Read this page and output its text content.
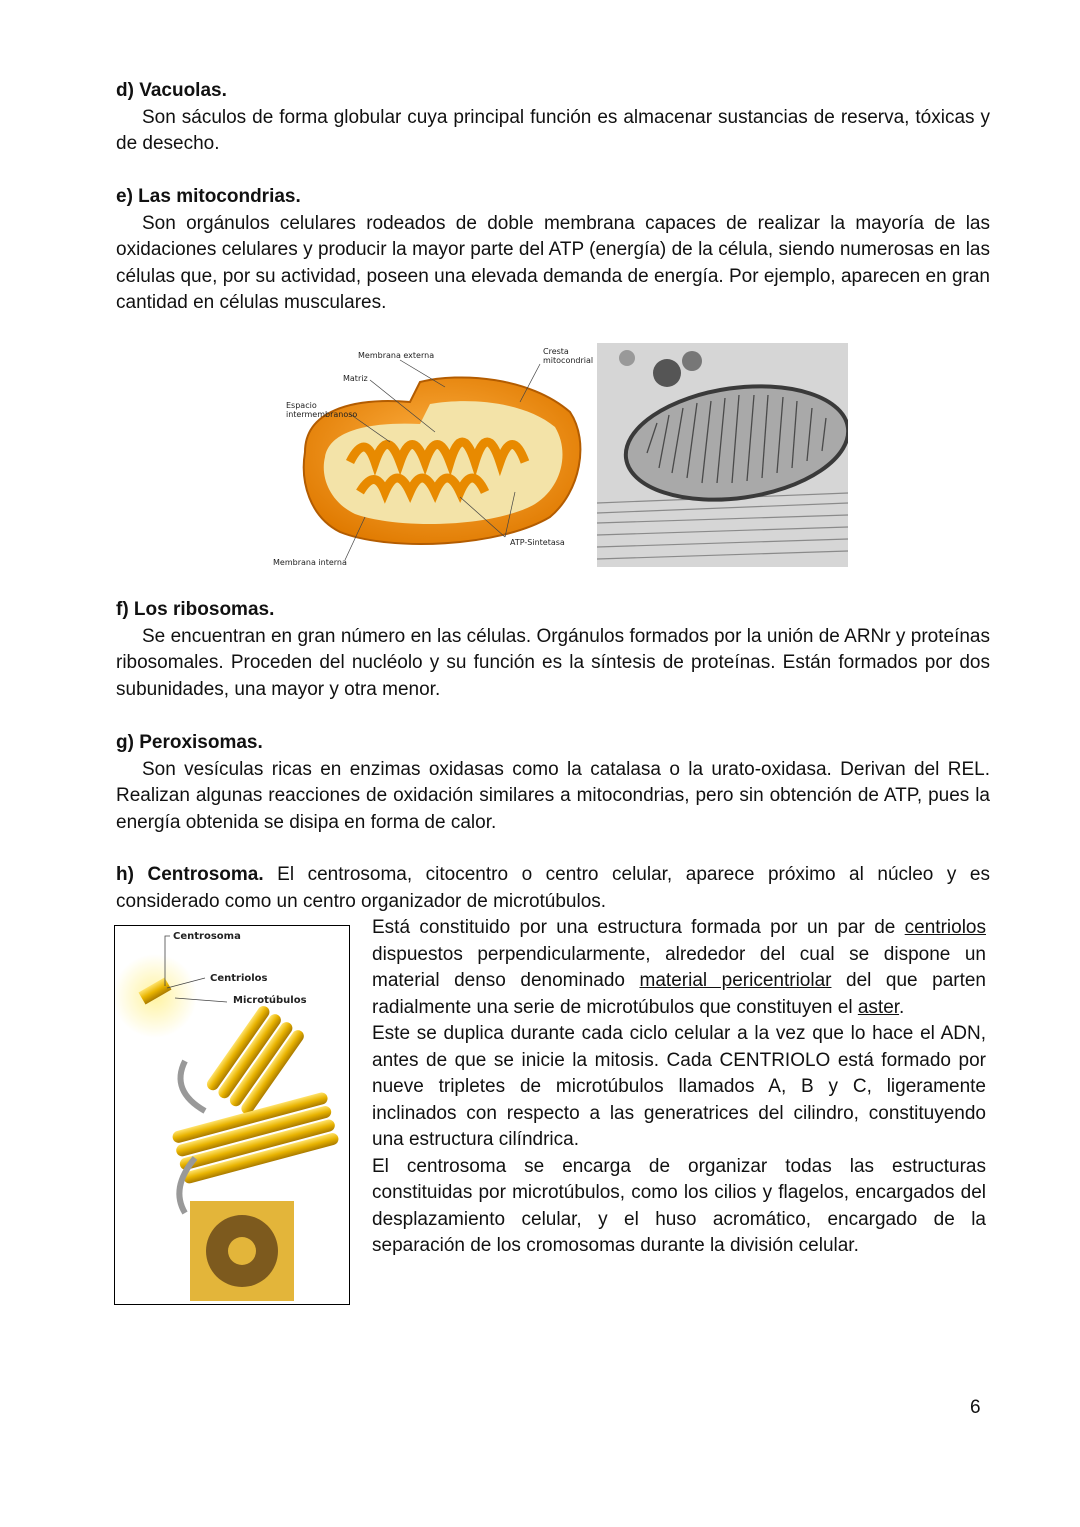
d) Vacuolas.

Son sáculos de forma globular cuya principal función es almacenar sustancias de reserva, tóxicas y de desecho.

e) Las mitocondrias.

Son orgánulos celulares rodeados de doble membrana capaces de realizar la mayoría de las oxidaciones celulares y producir la mayor parte del ATP (energía) de la célula, siendo numerosas en las células que, por su actividad, poseen una elevada demanda de energía. Por ejemplo, aparecen en gran cantidad en células musculares.

Membrana externa
Matriz
Espacio
intermembranoso
Cresta
mitocondrial
ATP-Sintetasa
Membrana interna
f) Los ribosomas.

Se encuentran en gran número en las células. Orgánulos formados por la unión de ARNr y proteínas ribosomales. Proceden del nucléolo y su función es la síntesis de proteínas. Están formados por dos subunidades, una mayor y otra menor.

g) Peroxisomas.

Son vesículas ricas en enzimas oxidasas como la catalasa o la urato-oxidasa. Derivan del REL. Realizan algunas reacciones de oxidación similares a mitocondrias, pero sin obtención de ATP, pues la energía obtenida se disipa en forma de calor.

h) Centrosoma. El centrosoma, citocentro o centro celular, aparece próximo al núcleo y es considerado como un centro organizador de microtúbulos.

Centrosoma
Centriolos
Microtúbulos

Está constituido por una estructura formada por un par de centriolos dispuestos perpendicularmente, alrededor del cual se dispone un material denso denominado material pericentriolar del que parten radialmente una serie de microtúbulos que constituyen el aster.

Este se duplica durante cada ciclo celular a la vez que lo hace el ADN, antes de que se inicie la mitosis. Cada CENTRIOLO está formado por nueve tripletes de microtúbulos llamados A, B y C, ligeramente inclinados con respecto a las generatrices del cilindro, constituyendo una estructura cilíndrica.

El centrosoma se encarga de organizar todas las estructuras constituidas por microtúbulos, como los cilios y flagelos, encargados del desplazamiento celular, y el huso acromático, encargado de la separación de los cromosomas durante la división celular.

6
